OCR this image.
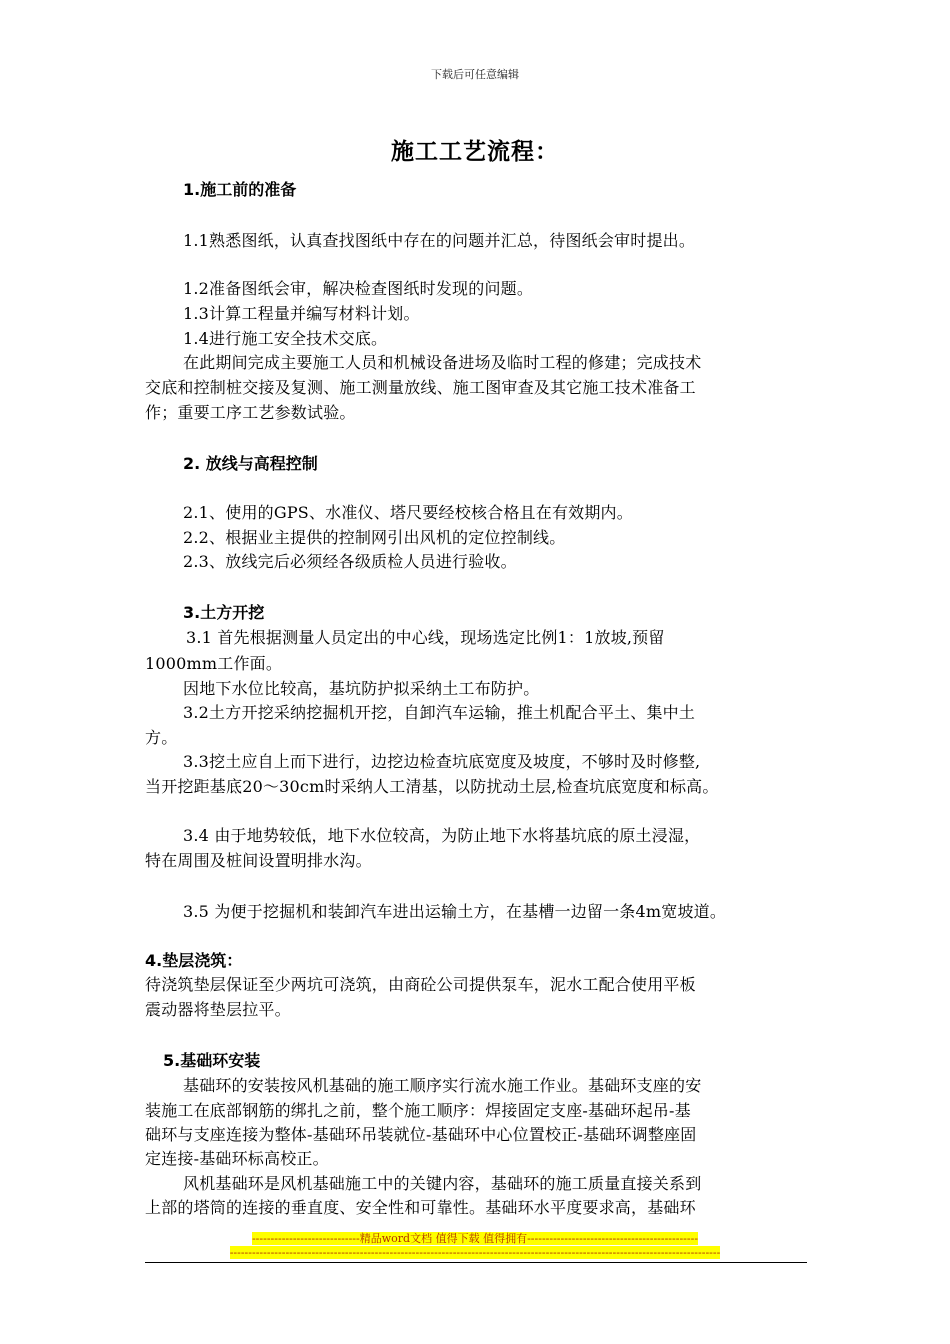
下载后可任意编辑
施工工艺流程：
1.施工前的准备
1.1熟悉图纸，认真查找图纸中存在的问题并汇总，待图纸会审时提出。
1.2准备图纸会审，解决检查图纸时发现的问题。
1.3计算工程量并编写材料计划。
1.4进行施工安全技术交底。
在此期间完成主要施工人员和机械设备进场及临时工程的修建；完成技术
交底和控制桩交接及复测、施工测量放线、施工图审查及其它施工技术准备工
作；重要工序工艺参数试验。
2. 放线与高程控制
2.1、使用的GPS、水准仪、塔尺要经校核合格且在有效期内。
2.2、根据业主提供的控制网引出风机的定位控制线。
2.3、放线完后必须经各级质检人员进行验收。
3.土方开挖
3.1 首先根据测量人员定出的中心线，现场选定比例1：1放坡,预留
1000mm工作面。
因地下水位比较高，基坑防护拟采纳土工布防护。
3.2土方开挖采纳挖掘机开挖，自卸汽车运输，推土机配合平土、集中土
方。
3.3挖土应自上而下进行，边挖边检查坑底宽度及坡度，不够时及时修整,
当开挖距基底20～30cm时采纳人工清基，以防扰动土层,检查坑底宽度和标高。
3.4 由于地势较低，地下水位较高，为防止地下水将基坑底的原土浸湿，
特在周围及桩间设置明排水沟。
3.5 为便于挖掘机和装卸汽车进出运输土方，在基槽一边留一条4m宽坡道。
4.垫层浇筑：
待浇筑垫层保证至少两坑可浇筑，由商砼公司提供泵车，泥水工配合使用平板
震动器将垫层拉平。
5.基础环安装
基础环的安装按风机基础的施工顺序实行流水施工作业。基础环支座的安
装施工在底部钢筋的绑扎之前，整个施工顺序：焊接固定支座-基础环起吊-基
础环与支座连接为整体-基础环吊装就位-基础环中心位置校正-基础环调整座固
定连接-基础环标高校正。
风机基础环是风机基础施工中的关键内容，基础环的施工质量直接关系到
上部的塔筒的连接的垂直度、安全性和可靠性。基础环水平度要求高，基础环
-----------------------------精品word文档 值得下载 值得拥有----------------------------------------------
------------------------------------------------------------------------------------------------------------------------------------
